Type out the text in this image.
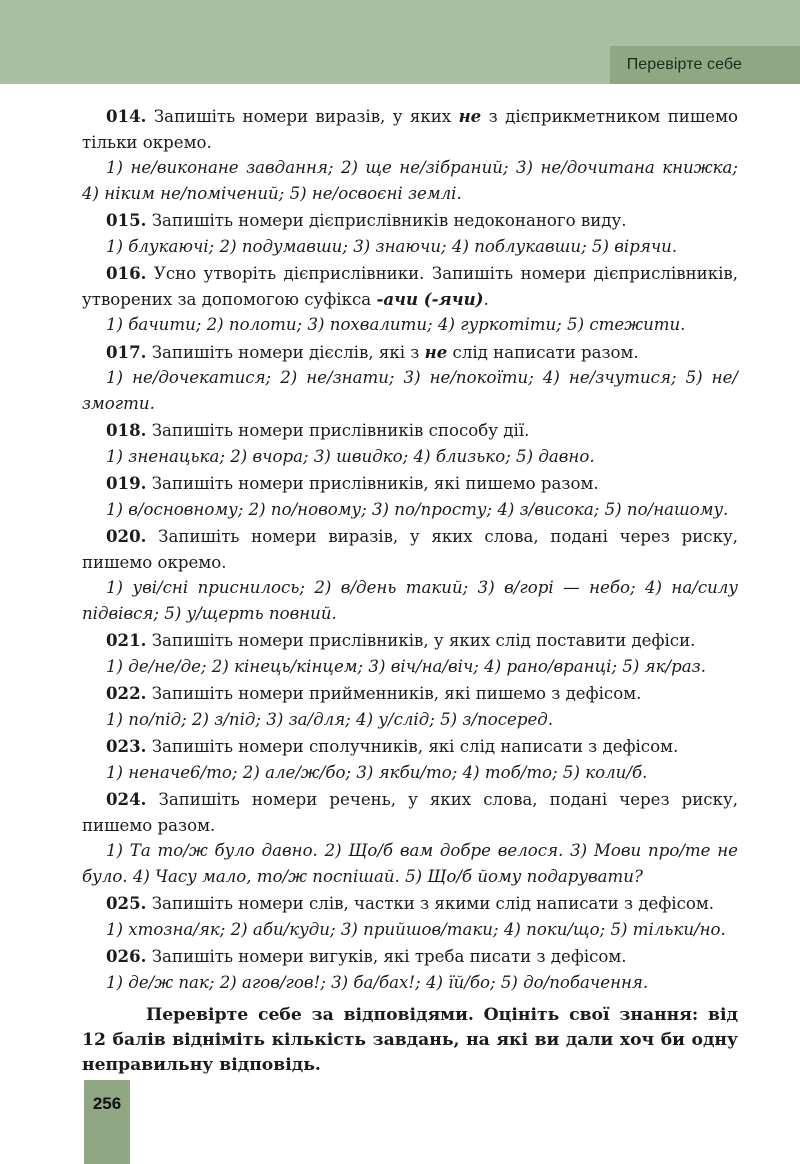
Перевірте себе

014. Запишіть номери виразів, у яких не з дієприкметником пишемо тільки окремо.

1) не/виконане завдання; 2) ще не/зібраний; 3) не/дочитана книжка; 4) ніким не/помічений; 5) не/освоєні землі.

015. Запишіть номери дієприслівників недоконаного виду.

1) блукаючі; 2) подумавши; 3) знаючи; 4) поблукавши; 5) вірячи.

016. Усно утворіть дієприслівники. Запишіть номери дієприслівників, утворених за допомогою суфікса -ачи (-ячи).

1) бачити; 2) полоти; 3) похвалити; 4) гуркотіти; 5) стежити.

017. Запишіть номери дієслів, які з не слід написати разом.

1) не/дочекатися; 2) не/знати; 3) не/покоїти; 4) не/зчутися; 5) не/змогти.

018. Запишіть номери прислівників способу дії.

1) зненацька; 2) вчора; 3) швидко; 4) близько; 5) давно.

019. Запишіть номери прислівників, які пишемо разом.

1) в/основному; 2) по/новому; 3) по/просту; 4) з/висока; 5) по/нашому.

020. Запишіть номери виразів, у яких слова, подані через риску, пишемо окремо.

1) уві/сні приснилось; 2) в/день такий; 3) в/горі — небо; 4) на/силу підвівся; 5) у/щерть повний.

021. Запишіть номери прислівників, у яких слід поставити дефіси.

1) де/не/де; 2) кінець/кінцем; 3) віч/на/віч; 4) рано/вранці; 5) як/раз.

022. Запишіть номери прийменників, які пишемо з дефісом.

1) по/під; 2) з/під; 3) за/для; 4) у/слід; 5) з/посеред.

023. Запишіть номери сполучників, які слід написати з дефісом.

1) неначе6/то; 2) але/ж/бо; 3) якби/то; 4) тоб/то; 5) коли/б.

024. Запишіть номери речень, у яких слова, подані через риску, пишемо разом.

1) Та то/ж було давно. 2) Що/б вам добре велося. 3) Мови про/те не було. 4) Часу мало, то/ж поспішай. 5) Що/б йому подарувати?

025. Запишіть номери слів, частки з якими слід написати з дефісом.

1) хтозна/як; 2) аби/куди; 3) прийшов/таки; 4) поки/що; 5) тільки/но.

026. Запишіть номери вигуків, які треба писати з дефісом.

1) де/ж пак; 2) агов/гов!; 3) ба/бах!; 4) їй/бо; 5) до/побачення.

Перевірте себе за відповідями. Оцініть свої знання: від 12 балів відніміть кількість завдань, на які ви дали хоч би одну неправильну відповідь.

256
